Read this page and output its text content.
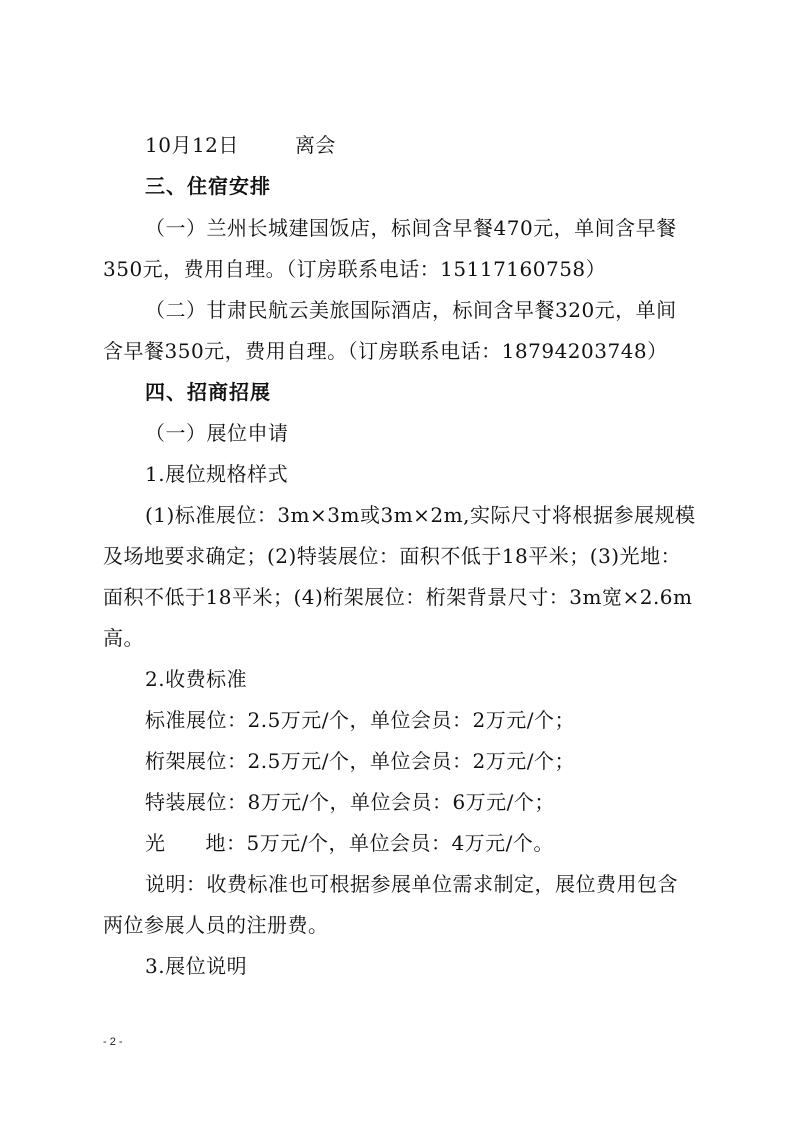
10月12日	离会
三、住宿安排
（一）兰州长城建国饭店，标间含早餐470元，单间含早餐
350元，费用自理。（订房联系电话：15117160758）
（二）甘肃民航云美旅国际酒店，标间含早餐320元，单间
含早餐350元，费用自理。（订房联系电话：18794203748）
四、招商招展
（一）展位申请
1.展位规格样式
(1)标准展位：3m×3m或3m×2m,实际尺寸将根据参展规模
及场地要求确定；(2)特装展位：面积不低于18平米；(3)光地：
面积不低于18平米；(4)桁架展位：桁架背景尺寸：3m宽×2.6m
高。
2.收费标准
标准展位：2.5万元/个，单位会员：2万元/个；
桁架展位：2.5万元/个，单位会员：2万元/个；
特装展位：8万元/个，单位会员：6万元/个；
光 地：5万元/个，单位会员：4万元/个。
说明：收费标准也可根据参展单位需求制定，展位费用包含
两位参展人员的注册费。
3.展位说明
- 2 -
